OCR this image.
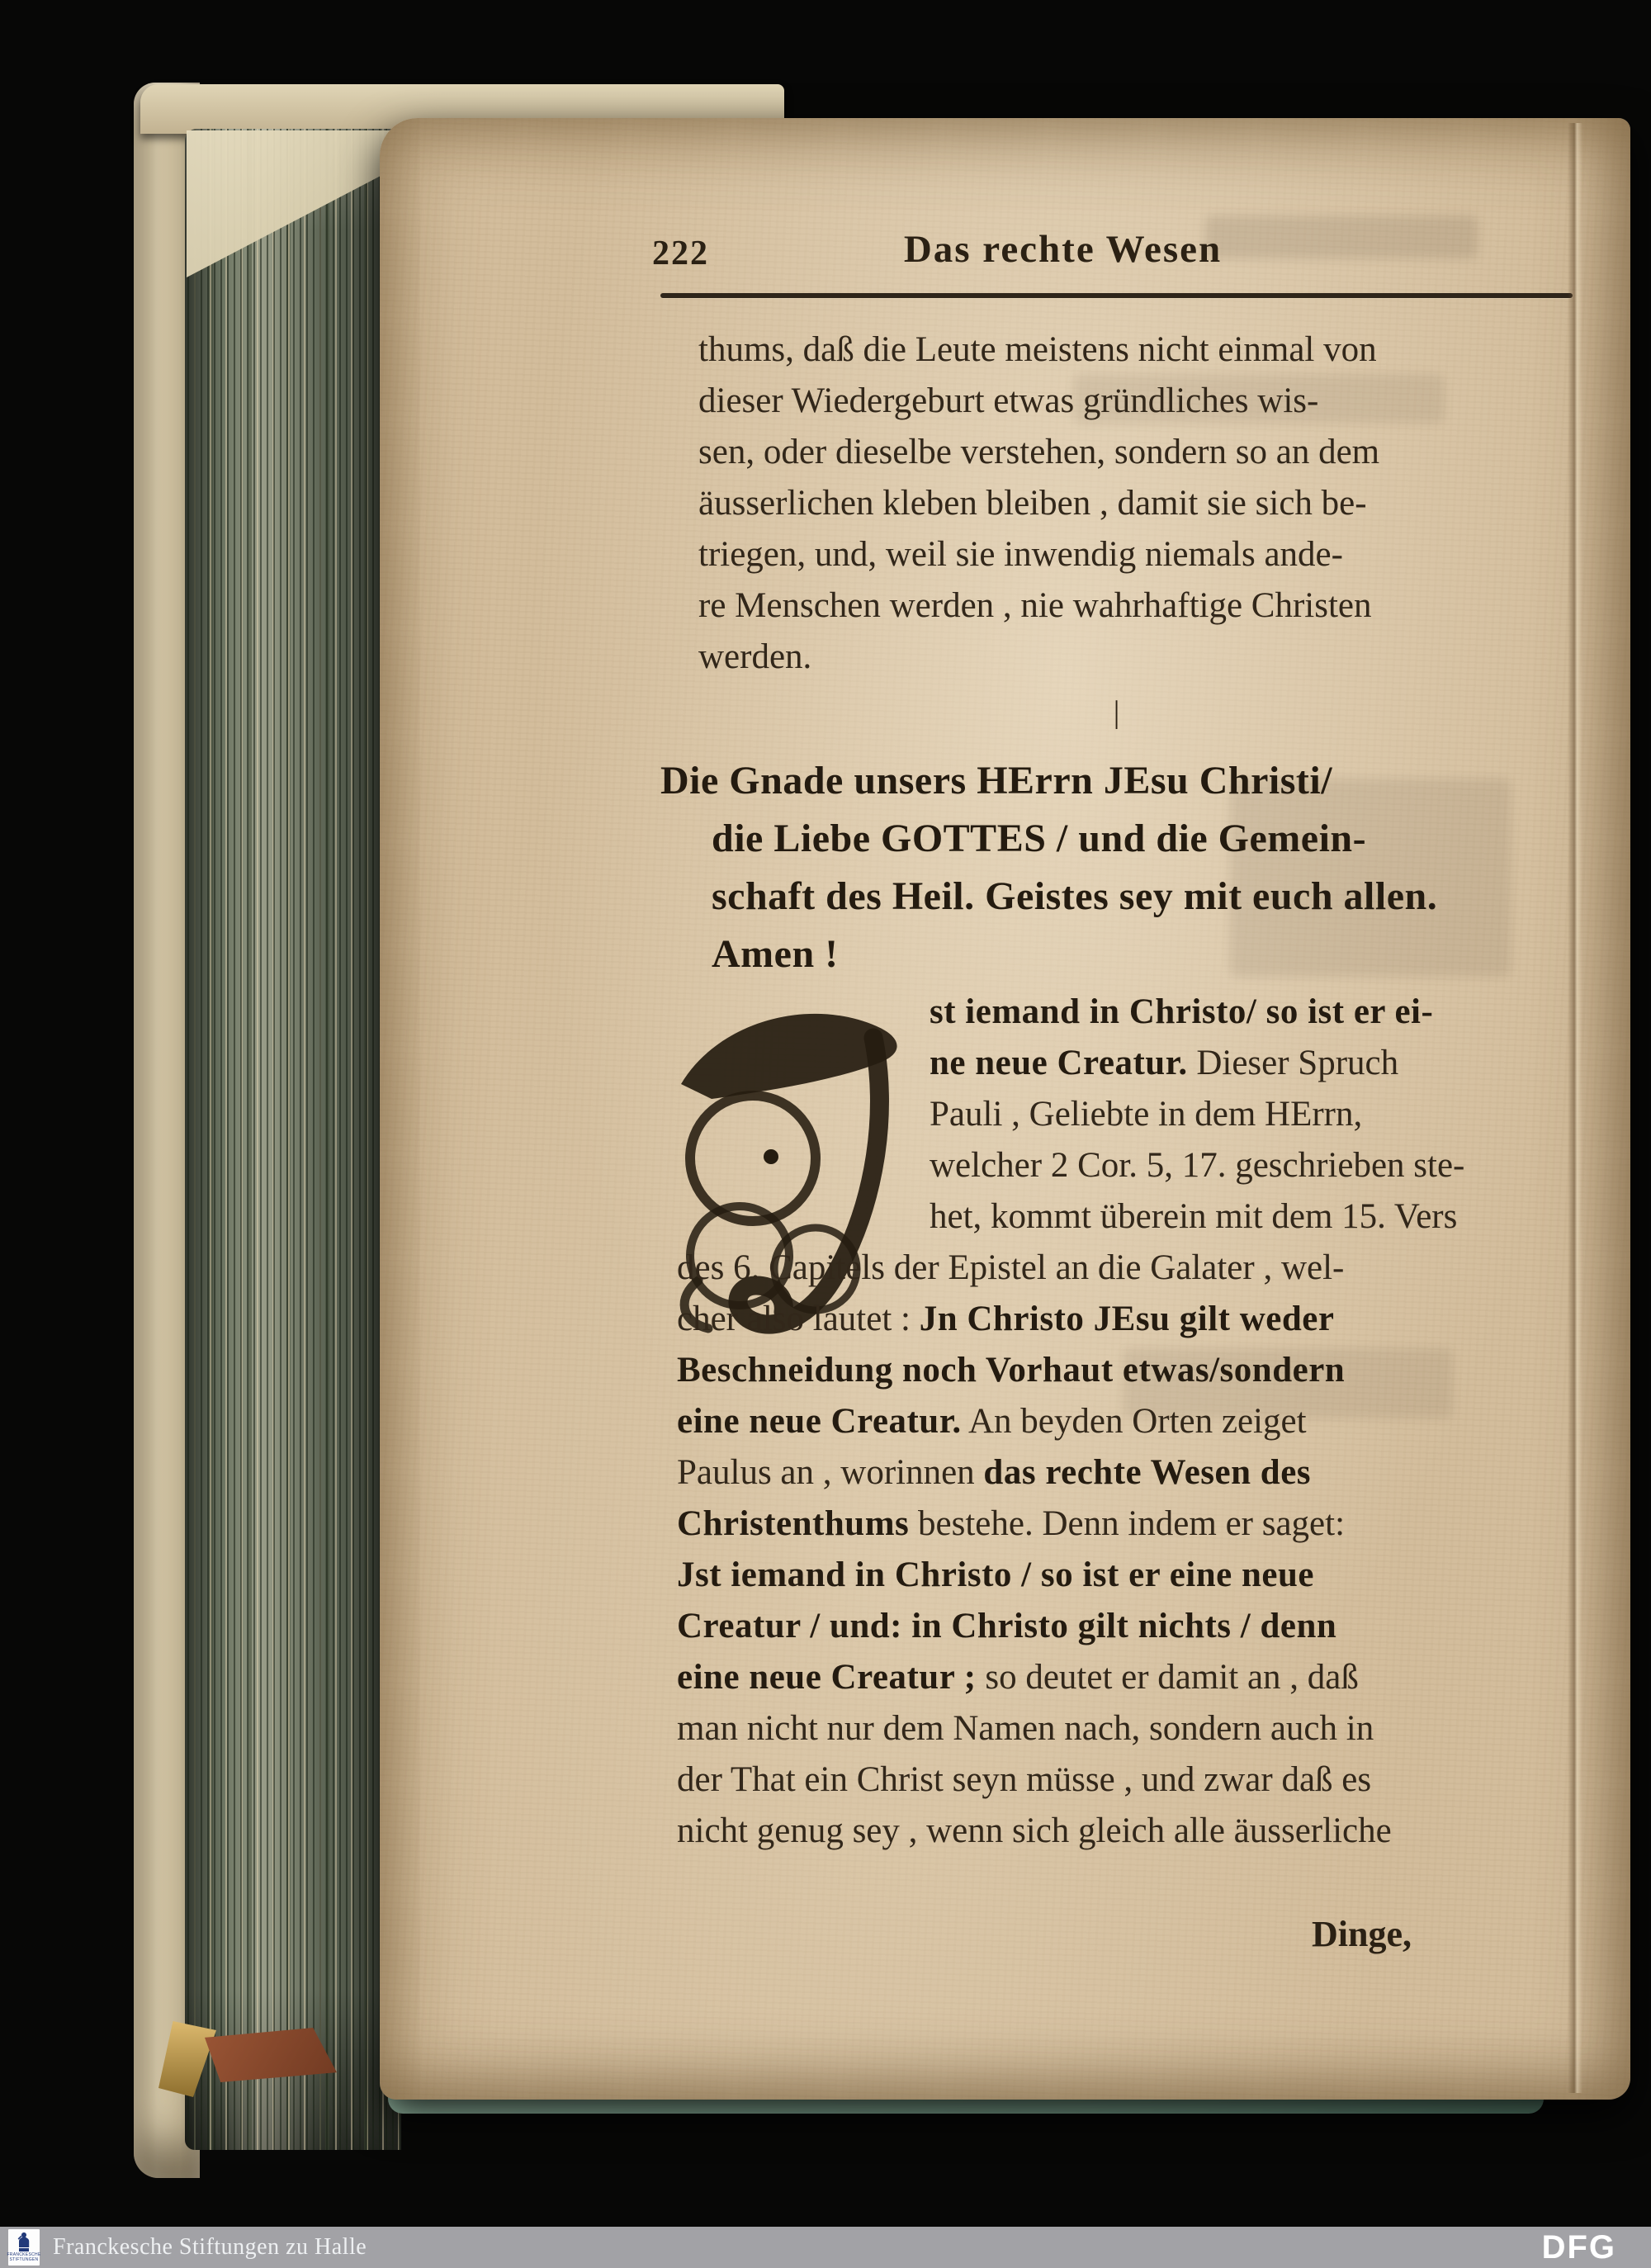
222	Das rechte Wesen
thums, daß die Leute meistens nicht einmal von
dieser Wiedergeburt etwas gründliches wis-
sen, oder dieselbe verstehen, sondern so an dem
äusserlichen kleben bleiben , damit sie sich be-
triegen, und, weil sie inwendig niemals ande-
re Menschen werden , nie wahrhaftige Christen
werden.
|
Die Gnade unsers HErrn JEsu Christi/
die Liebe GOTTES / und die Gemein-
schaft des Heil. Geistes sey mit euch allen.
Amen !
st iemand in Christo/ so ist er ei-
ne neue Creatur. Dieser Spruch
Pauli , Geliebte in dem HErrn,
welcher 2 Cor. 5, 17. geschrieben ste-
het, kommt überein mit dem 15. Vers
des 6. Capitels der Epistel an die Galater , wel-
cher also lautet : Jn Christo JEsu gilt weder
Beschneidung noch Vorhaut etwas/sondern
eine neue Creatur. An beyden Orten zeiget
Paulus an , worinnen das rechte Wesen des
Christenthums bestehe. Denn indem er saget:
Jst iemand in Christo / so ist er eine neue
Creatur / und: in Christo gilt nichts / denn
eine neue Creatur ; so deutet er damit an , daß
man nicht nur dem Namen nach, sondern auch in
der That ein Christ seyn müsse , und zwar daß es
nicht genug sey , wenn sich gleich alle äusserliche
Dinge,
FRANCKESCHE
STIFTUNGEN Franckesche Stiftungen zu Halle	DFG
